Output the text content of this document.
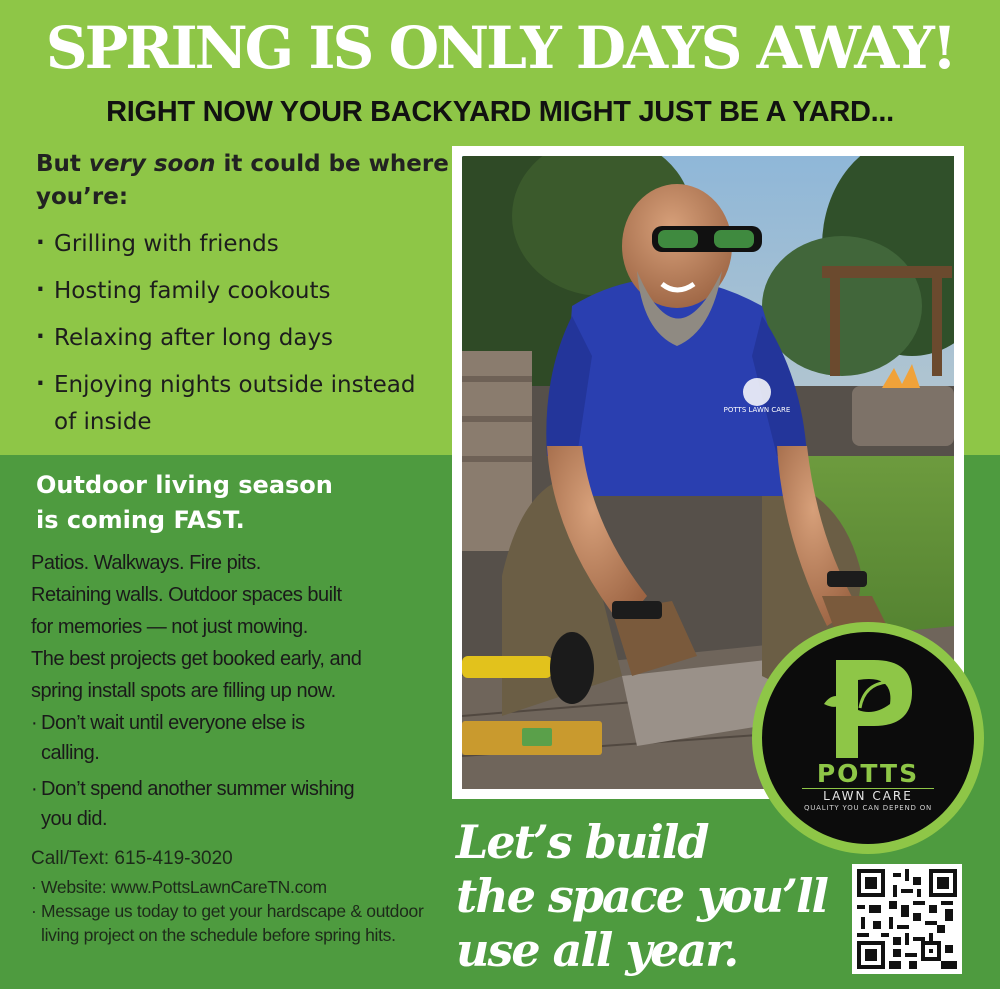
SPRING IS ONLY DAYS AWAY!
RIGHT NOW YOUR BACKYARD MIGHT JUST BE A YARD...
But very soon it could be where you’re:
· Grilling with friends
· Hosting family cookouts
· Relaxing after long days
· Enjoying nights outside instead of inside
Outdoor living season
is coming FAST.
Patios. Walkways. Fire pits.
Retaining walls. Outdoor spaces built
for memories — not just mowing.
The best projects get booked early, and
spring install spots are filling up now.
· Don’t wait until everyone else is calling.
· Don’t spend another summer wishing you did.
Call/Text: 615-419-3020
· Website: www.PottsLawnCareTN.com
· Message us today to get your hardscape & outdoor living project on the schedule before spring hits.
POTTS LAWN CARE
POTTS
LAWN CARE
QUALITY YOU CAN DEPEND ON
Let’s build
the space you’ll
use all year.
